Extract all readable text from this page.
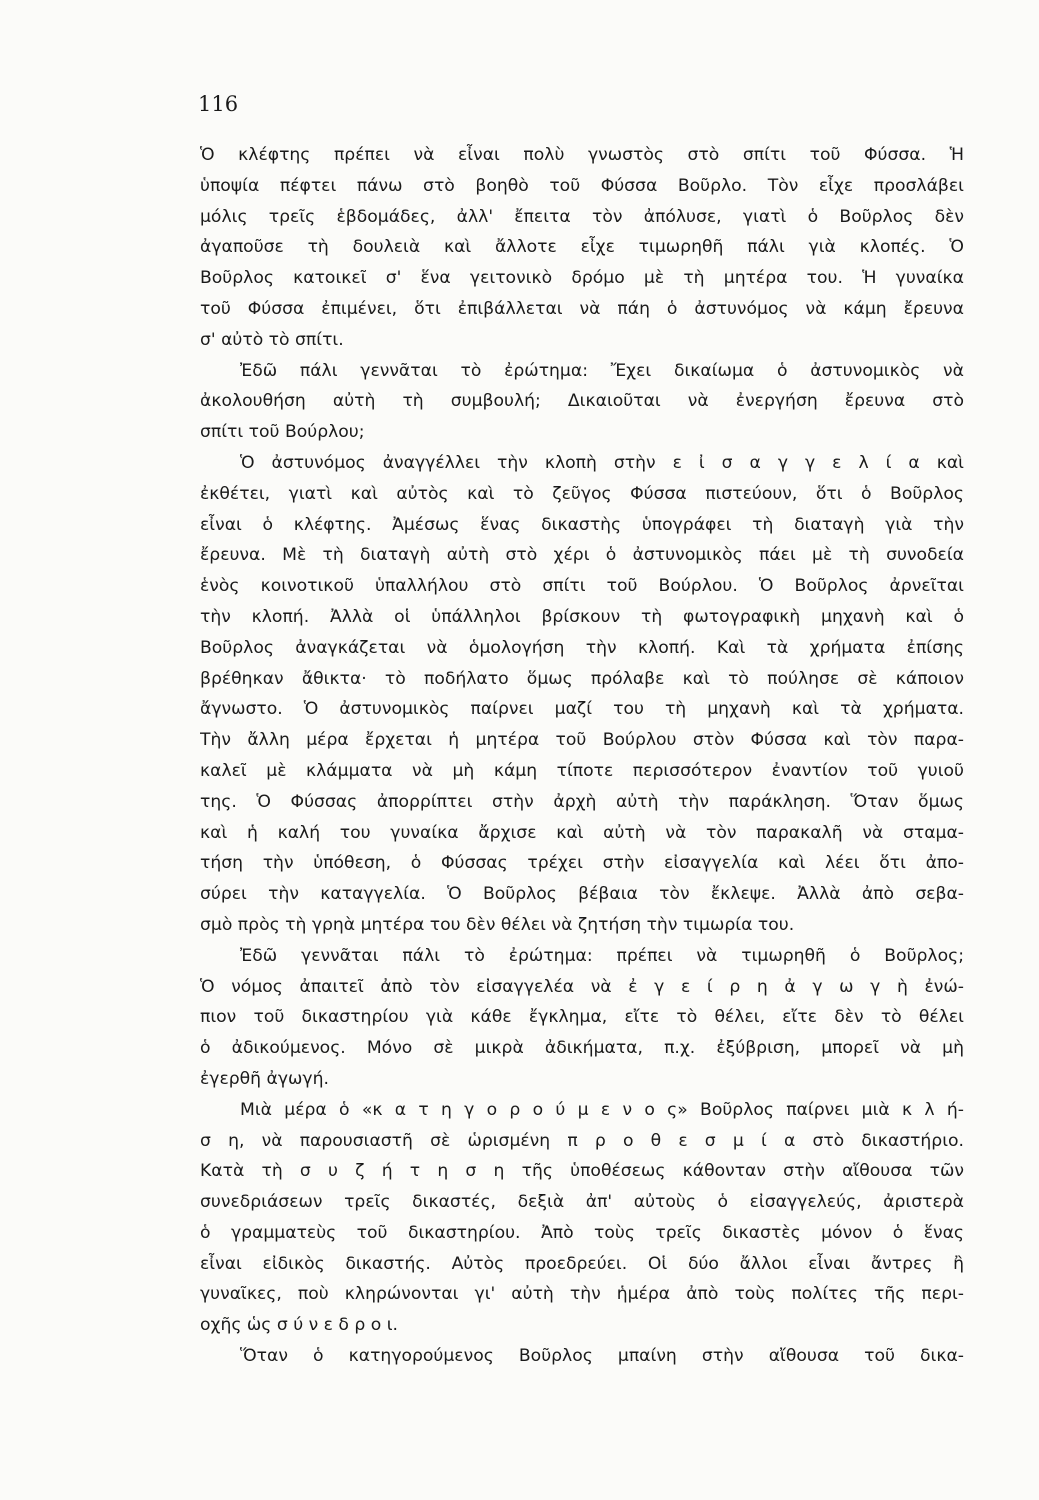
116
Ὁ κλέφτης πρέπει νὰ εἶναι πολὺ γνωστὸς στὸ σπίτι τοῦ Φύσσα. Ἡ
ὑποψία πέφτει πάνω στὸ βοηθὸ τοῦ Φύσσα Βοῦρλο. Τὸν εἶχε προσλάβει
μόλις τρεῖς ἑβδομάδες, ἀλλ' ἔπειτα τὸν ἀπόλυσε, γιατὶ ὁ Βοῦρλος δὲν
ἀγαποῦσε τὴ δουλειὰ καὶ ἄλλοτε εἶχε τιμωρηθῆ πάλι γιὰ κλοπές. Ὁ
Βοῦρλος κατοικεῖ σ' ἕνα γειτονικὸ δρόμο μὲ τὴ μητέρα του. Ἡ γυναίκα
τοῦ Φύσσα ἐπιμένει, ὅτι ἐπιβάλλεται νὰ πάη ὁ ἀστυνόμος νὰ κάμη ἔρευνα
σ' αὐτὸ τὸ σπίτι.
Ἐδῶ πάλι γεννᾶται τὸ ἐρώτημα: Ἔχει δικαίωμα ὁ ἀστυνομικὸς νὰ
ἀκολουθήση αὐτὴ τὴ συμβουλή; Δικαιοῦται νὰ ἐνεργήση ἔρευνα στὸ
σπίτι τοῦ Βούρλου;
Ὁ ἀστυνόμος ἀναγγέλλει τὴν κλοπὴ στὴν ε ἰ σ α γ γ ε λ ί α καὶ
ἐκθέτει, γιατὶ καὶ αὐτὸς καὶ τὸ ζεῦγος Φύσσα πιστεύουν, ὅτι ὁ Βοῦρλος
εἶναι ὁ κλέφτης. Ἀμέσως ἕνας δικαστὴς ὑπογράφει τὴ διαταγὴ γιὰ τὴν
ἔρευνα. Μὲ τὴ διαταγὴ αὐτὴ στὸ χέρι ὁ ἀστυνομικὸς πάει μὲ τὴ συνοδεία
ἑνὸς κοινοτικοῦ ὑπαλλήλου στὸ σπίτι τοῦ Βούρλου. Ὁ Βοῦρλος ἀρνεῖται
τὴν κλοπή. Ἀλλὰ οἱ ὑπάλληλοι βρίσκουν τὴ φωτογραφικὴ μηχανὴ καὶ ὁ
Βοῦρλος ἀναγκάζεται νὰ ὁμολογήση τὴν κλοπή. Καὶ τὰ χρήματα ἐπίσης
βρέθηκαν ἄθικτα· τὸ ποδήλατο ὅμως πρόλαβε καὶ τὸ πούλησε σὲ κάποιον
ἄγνωστο. Ὁ ἀστυνομικὸς παίρνει μαζί του τὴ μηχανὴ καὶ τὰ χρήματα.
Τὴν ἄλλη μέρα ἔρχεται ἡ μητέρα τοῦ Βούρλου στὸν Φύσσα καὶ τὸν παρα-
καλεῖ μὲ κλάμματα νὰ μὴ κάμη τίποτε περισσότερον ἐναντίον τοῦ γυιοῦ
της. Ὁ Φύσσας ἀπορρίπτει στὴν ἀρχὴ αὐτὴ τὴν παράκληση. Ὅταν ὅμως
καὶ ἡ καλή του γυναίκα ἄρχισε καὶ αὐτὴ νὰ τὸν παρακαλῆ νὰ σταμα-
τήση τὴν ὑπόθεση, ὁ Φύσσας τρέχει στὴν εἰσαγγελία καὶ λέει ὅτι ἀπο-
σύρει τὴν καταγγελία. Ὁ Βοῦρλος βέβαια τὸν ἔκλεψε. Ἀλλὰ ἀπὸ σεβα-
σμὸ πρὸς τὴ γρηὰ μητέρα του δὲν θέλει νὰ ζητήση τὴν τιμωρία του.
Ἐδῶ γεννᾶται πάλι τὸ ἐρώτημα: πρέπει νὰ τιμωρηθῆ ὁ Βοῦρλος;
Ὁ νόμος ἀπαιτεῖ ἀπὸ τὸν εἰσαγγελέα νὰ ἐ γ ε ί ρ η ἀ γ ω γ ὴ ἐνώ-
πιον τοῦ δικαστηρίου γιὰ κάθε ἔγκλημα, εἴτε τὸ θέλει, εἴτε δὲν τὸ θέλει
ὁ ἀδικούμενος. Μόνο σὲ μικρὰ ἀδικήματα, π.χ. ἐξύβριση, μπορεῖ νὰ μὴ
ἐγερθῆ ἀγωγή.
Μιὰ μέρα ὁ «κ α τ η γ ο ρ ο ύ μ ε ν ο ς» Βοῦρλος παίρνει μιὰ κ λ ή-
σ η, νὰ παρουσιαστῆ σὲ ὡρισμένη π ρ ο θ ε σ μ ί α στὸ δικαστήριο.
Κατὰ τὴ σ υ ζ ή τ η σ η τῆς ὑποθέσεως κάθονταν στὴν αἴθουσα τῶν
συνεδριάσεων τρεῖς δικαστές, δεξιὰ ἀπ' αὐτοὺς ὁ εἰσαγγελεύς, ἀριστερὰ
ὁ γραμματεὺς τοῦ δικαστηρίου. Ἀπὸ τοὺς τρεῖς δικαστὲς μόνον ὁ ἕνας
εἶναι εἰδικὸς δικαστής. Αὐτὸς προεδρεύει. Οἱ δύο ἄλλοι εἶναι ἄντρες ἢ
γυναῖκες, ποὺ κληρώνονται γι' αὐτὴ τὴν ἡμέρα ἀπὸ τοὺς πολίτες τῆς περι-
οχῆς ὡς σ ύ ν ε δ ρ ο ι.
Ὅταν ὁ κατηγορούμενος Βοῦρλος μπαίνη στὴν αἴθουσα τοῦ δικα-
